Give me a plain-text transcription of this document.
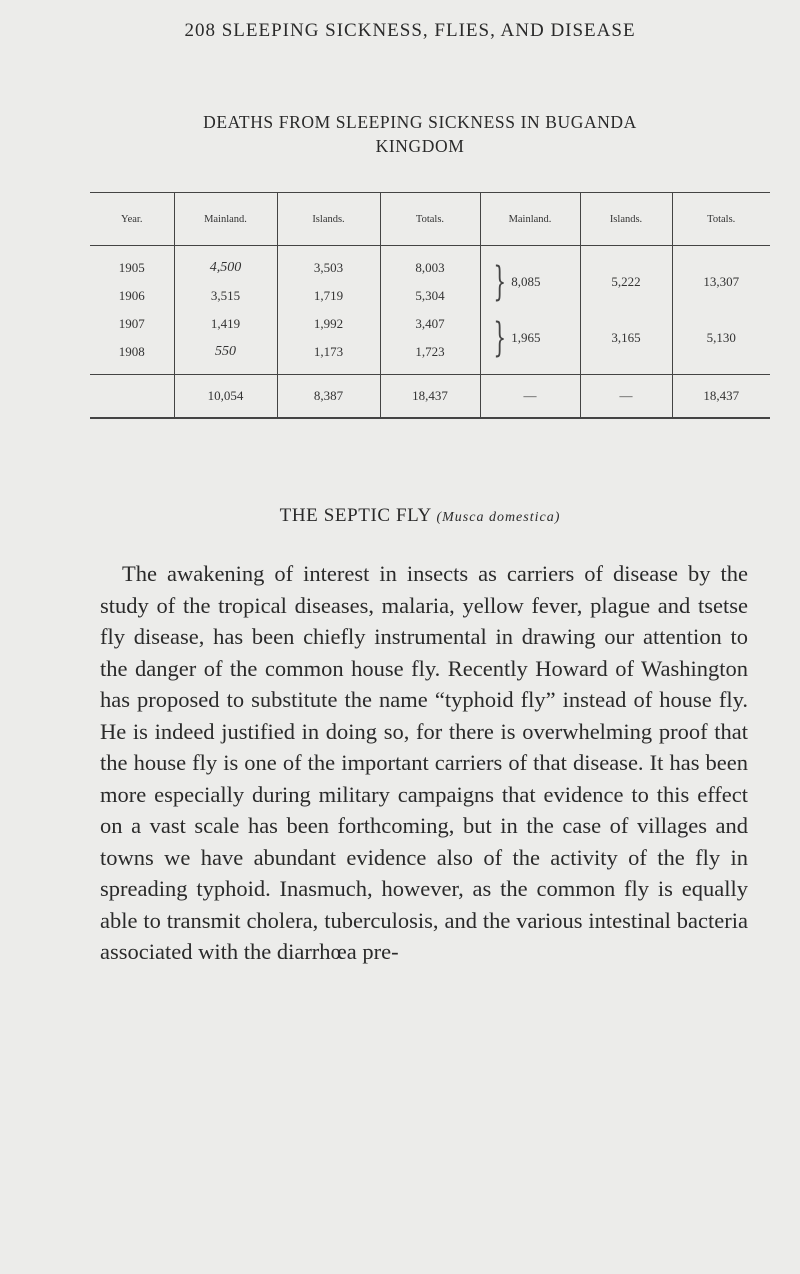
208 SLEEPING SICKNESS, FLIES, AND DISEASE
DEATHS FROM SLEEPING SICKNESS IN BUGANDA
KINGDOM
Year.	Mainland.	Islands.	Totals.	Mainland.	Islands.	Totals.

1905	4,500	3,503	8,003	} 8,085	5,222	13,307
1906	3,515	1,719	5,304			
1907	1,419	1,992	3,407	} 1,965	3,165	5,130
1908	550	1,173	1,723			

	10,054	8,387	18,437	—	—	18,437
THE SEPTIC FLY (Musca domestica)

The awakening of interest in insects as carriers of disease by the study of the tropical diseases, malaria, yellow fever, plague and tsetse fly disease, has been chiefly instrumental in drawing our attention to the danger of the common house fly. Recently Howard of Washington has proposed to substitute the name “typhoid fly” instead of house fly. He is indeed justified in doing so, for there is overwhelming proof that the house fly is one of the important carriers of that disease. It has been more especially during military campaigns that evidence to this effect on a vast scale has been forthcoming, but in the case of villages and towns we have abundant evidence also of the activity of the fly in spreading typhoid. Inasmuch, however, as the common fly is equally able to transmit cholera, tuberculosis, and the various intestinal bacteria associated with the diarrhœa pre-
